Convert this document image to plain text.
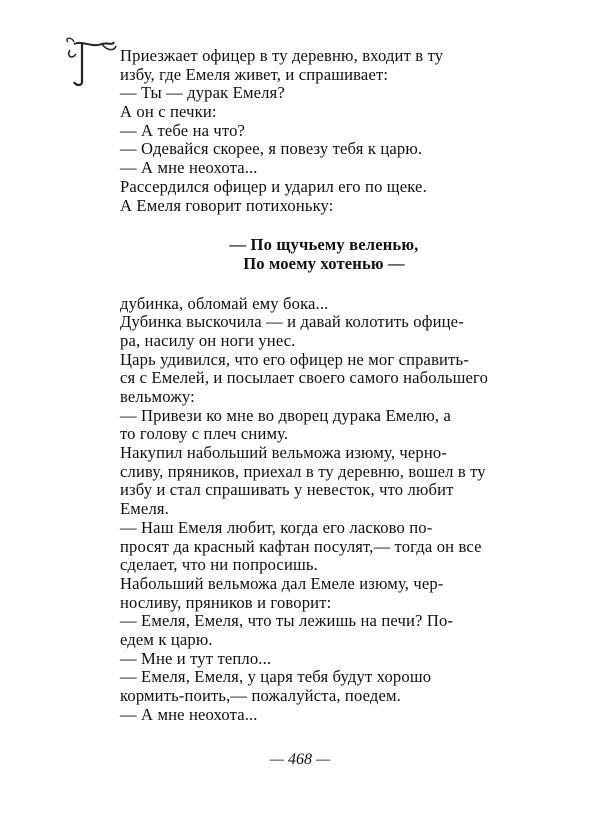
Приезжает офицер в ту деревню, входит в ту
избу, где Емеля живет, и спрашивает:
— Ты — дурак Емеля?
А он с печки:
— А тебе на что?
— Одевайся скорее, я повезу тебя к царю.
— А мне неохота...
Рассердился офицер и ударил его по щеке.
А Емеля говорит потихоньку:
— По щучьему веленью,
По моему хотенью —
дубинка, обломай ему бока...
Дубинка выскочила — и давай колотить офице-
ра, насилу он ноги унес.
Царь удивился, что его офицер не мог справить-
ся с Емелей, и посылает своего самого набольшего
вельможу:
— Привези ко мне во дворец дурака Емелю, а
то голову с плеч сниму.
Накупил набольший вельможа изюму, черно-
сливу, пряников, приехал в ту деревню, вошел в ту
избу и стал спрашивать у невесток, что любит
Емеля.
— Наш Емеля любит, когда его ласково по-
просят да красный кафтан посулят,— тогда он все
сделает, что ни попросишь.
Набольший вельможа дал Емеле изюму, чер-
носливу, пряников и говорит:
— Емеля, Емеля, что ты лежишь на печи? По-
едем к царю.
— Мне и тут тепло...
— Емеля, Емеля, у царя тебя будут хорошо
кормить-поить,— пожалуйста, поедем.
— А мне неохота...
— 468 —
